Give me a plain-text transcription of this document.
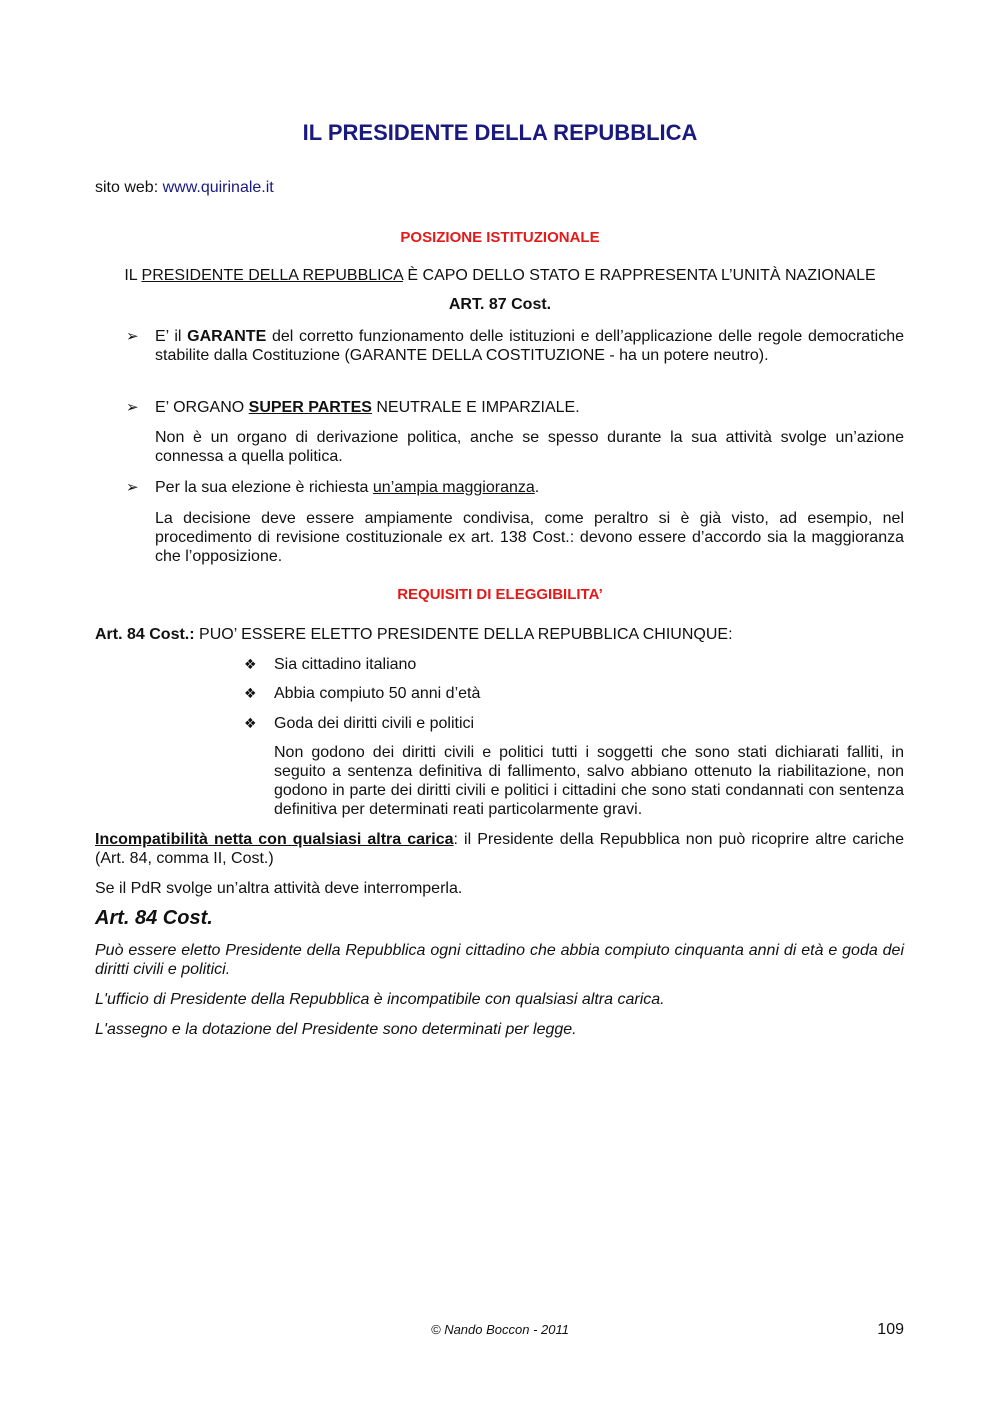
IL PRESIDENTE DELLA REPUBBLICA

sito web: www.quirinale.it

POSIZIONE ISTITUZIONALE

IL PRESIDENTE DELLA REPUBBLICA È CAPO DELLO STATO E RAPPRESENTA L’UNITÀ NAZIONALE

ART. 87 Cost.

➢	E’ il GARANTE del corretto funzionamento delle istituzioni e dell’applicazione delle regole democratiche stabilite dalla Costituzione (GARANTE DELLA COSTITUZIONE - ha un potere neutro).

➢	E’ ORGANO SUPER PARTES NEUTRALE E IMPARZIALE.

Non è un organo di derivazione politica, anche se spesso durante la sua attività svolge un’azione connessa a quella politica.

➢	Per la sua elezione è richiesta un’ampia maggioranza.

La decisione deve essere ampiamente condivisa, come peraltro si è già visto, ad esempio, nel procedimento di revisione costituzionale ex art. 138 Cost.: devono essere d’accordo sia la maggioranza che l’opposizione.

REQUISITI DI ELEGGIBILITA’

Art. 84 Cost.: PUO’ ESSERE ELETTO PRESIDENTE DELLA REPUBBLICA CHIUNQUE:

❖	Sia cittadino italiano
❖	Abbia compiuto 50 anni d’età
❖	Goda dei diritti civili e politici

Non godono dei diritti civili e politici tutti i soggetti che sono stati dichiarati falliti, in seguito a sentenza definitiva di fallimento, salvo abbiano ottenuto la riabilitazione, non godono in parte dei diritti civili e politici i cittadini che sono stati condannati con sentenza definitiva per determinati reati particolarmente gravi.

Incompatibilità netta con qualsiasi altra carica: il Presidente della Repubblica non può ricoprire altre cariche (Art. 84, comma II, Cost.)

Se il PdR svolge un’altra attività deve interromperla.

Art. 84 Cost.

Può essere eletto Presidente della Repubblica ogni cittadino che abbia compiuto cinquanta anni di età e goda dei diritti civili e politici.

L'ufficio di Presidente della Repubblica è incompatibile con qualsiasi altra carica.

L'assegno e la dotazione del Presidente sono determinati per legge.

© Nando Boccon - 2011	109
